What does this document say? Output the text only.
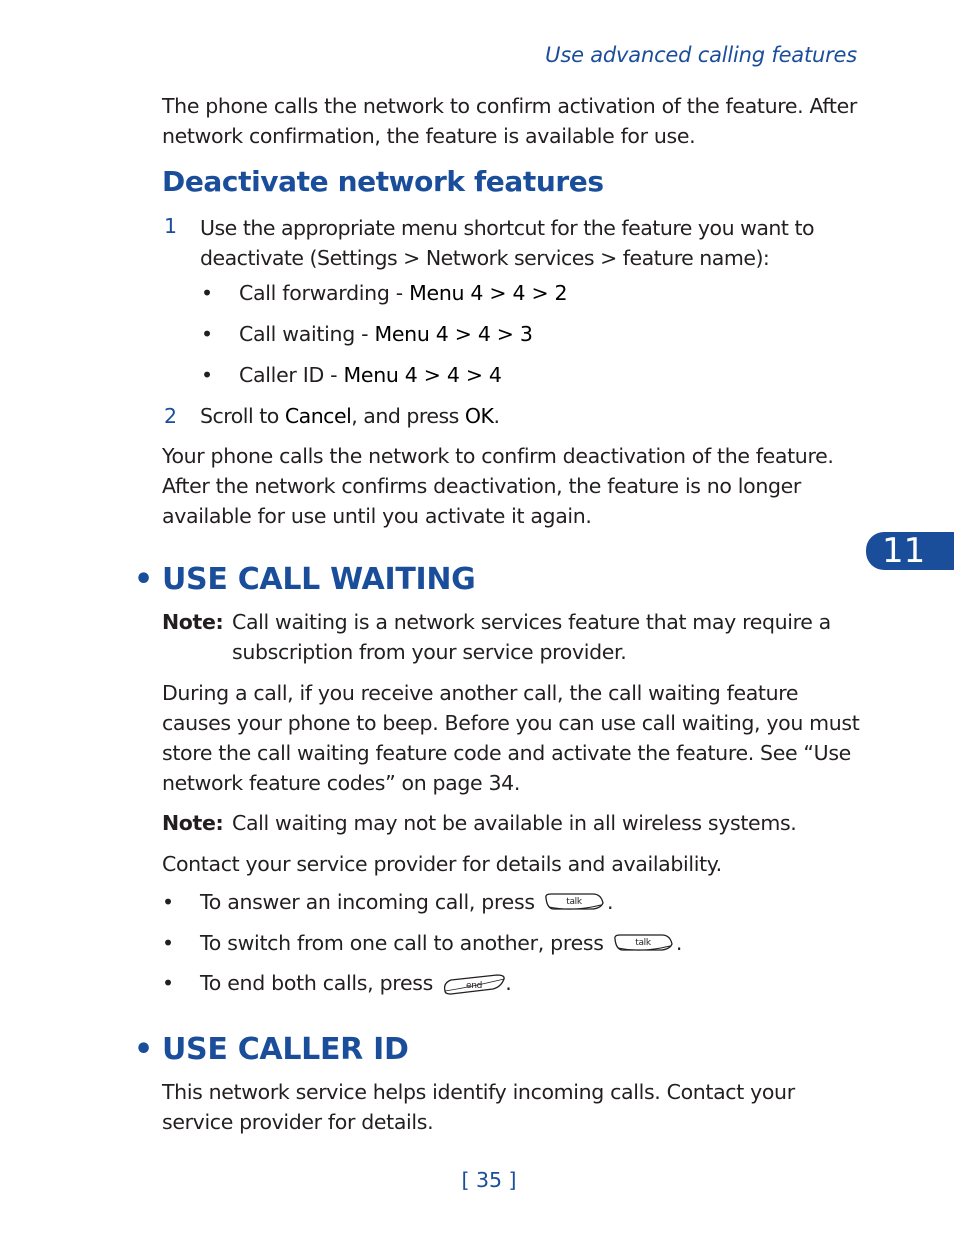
Use advanced calling features
The phone calls the network to confirm activation of the feature. After network confirmation, the feature is available for use.
Deactivate network features
1 Use the appropriate menu shortcut for the feature you want to deactivate (Settings > Network services > feature name):
• Call forwarding - Menu 4 > 4 > 2
• Call waiting - Menu 4 > 4 > 3
• Caller ID - Menu 4 > 4 > 4
2 Scroll to Cancel, and press OK.
Your phone calls the network to confirm deactivation of the feature. After the network confirms deactivation, the feature is no longer available for use until you activate it again.
11
• USE CALL WAITING
Note: Call waiting is a network services feature that may require a subscription from your service provider.
During a call, if you receive another call, the call waiting feature causes your phone to beep. Before you can use call waiting, you must store the call waiting feature code and activate the feature. See “Use network feature codes” on page 34.
Note: Call waiting may not be available in all wireless systems.
Contact your service provider for details and availability.
• To answer an incoming call, press	talk .
• To switch from one call to another, press	talk .
• To end both calls, press	end .
• USE CALLER ID
This network service helps identify incoming calls. Contact your service provider for details.
[ 35 ]
